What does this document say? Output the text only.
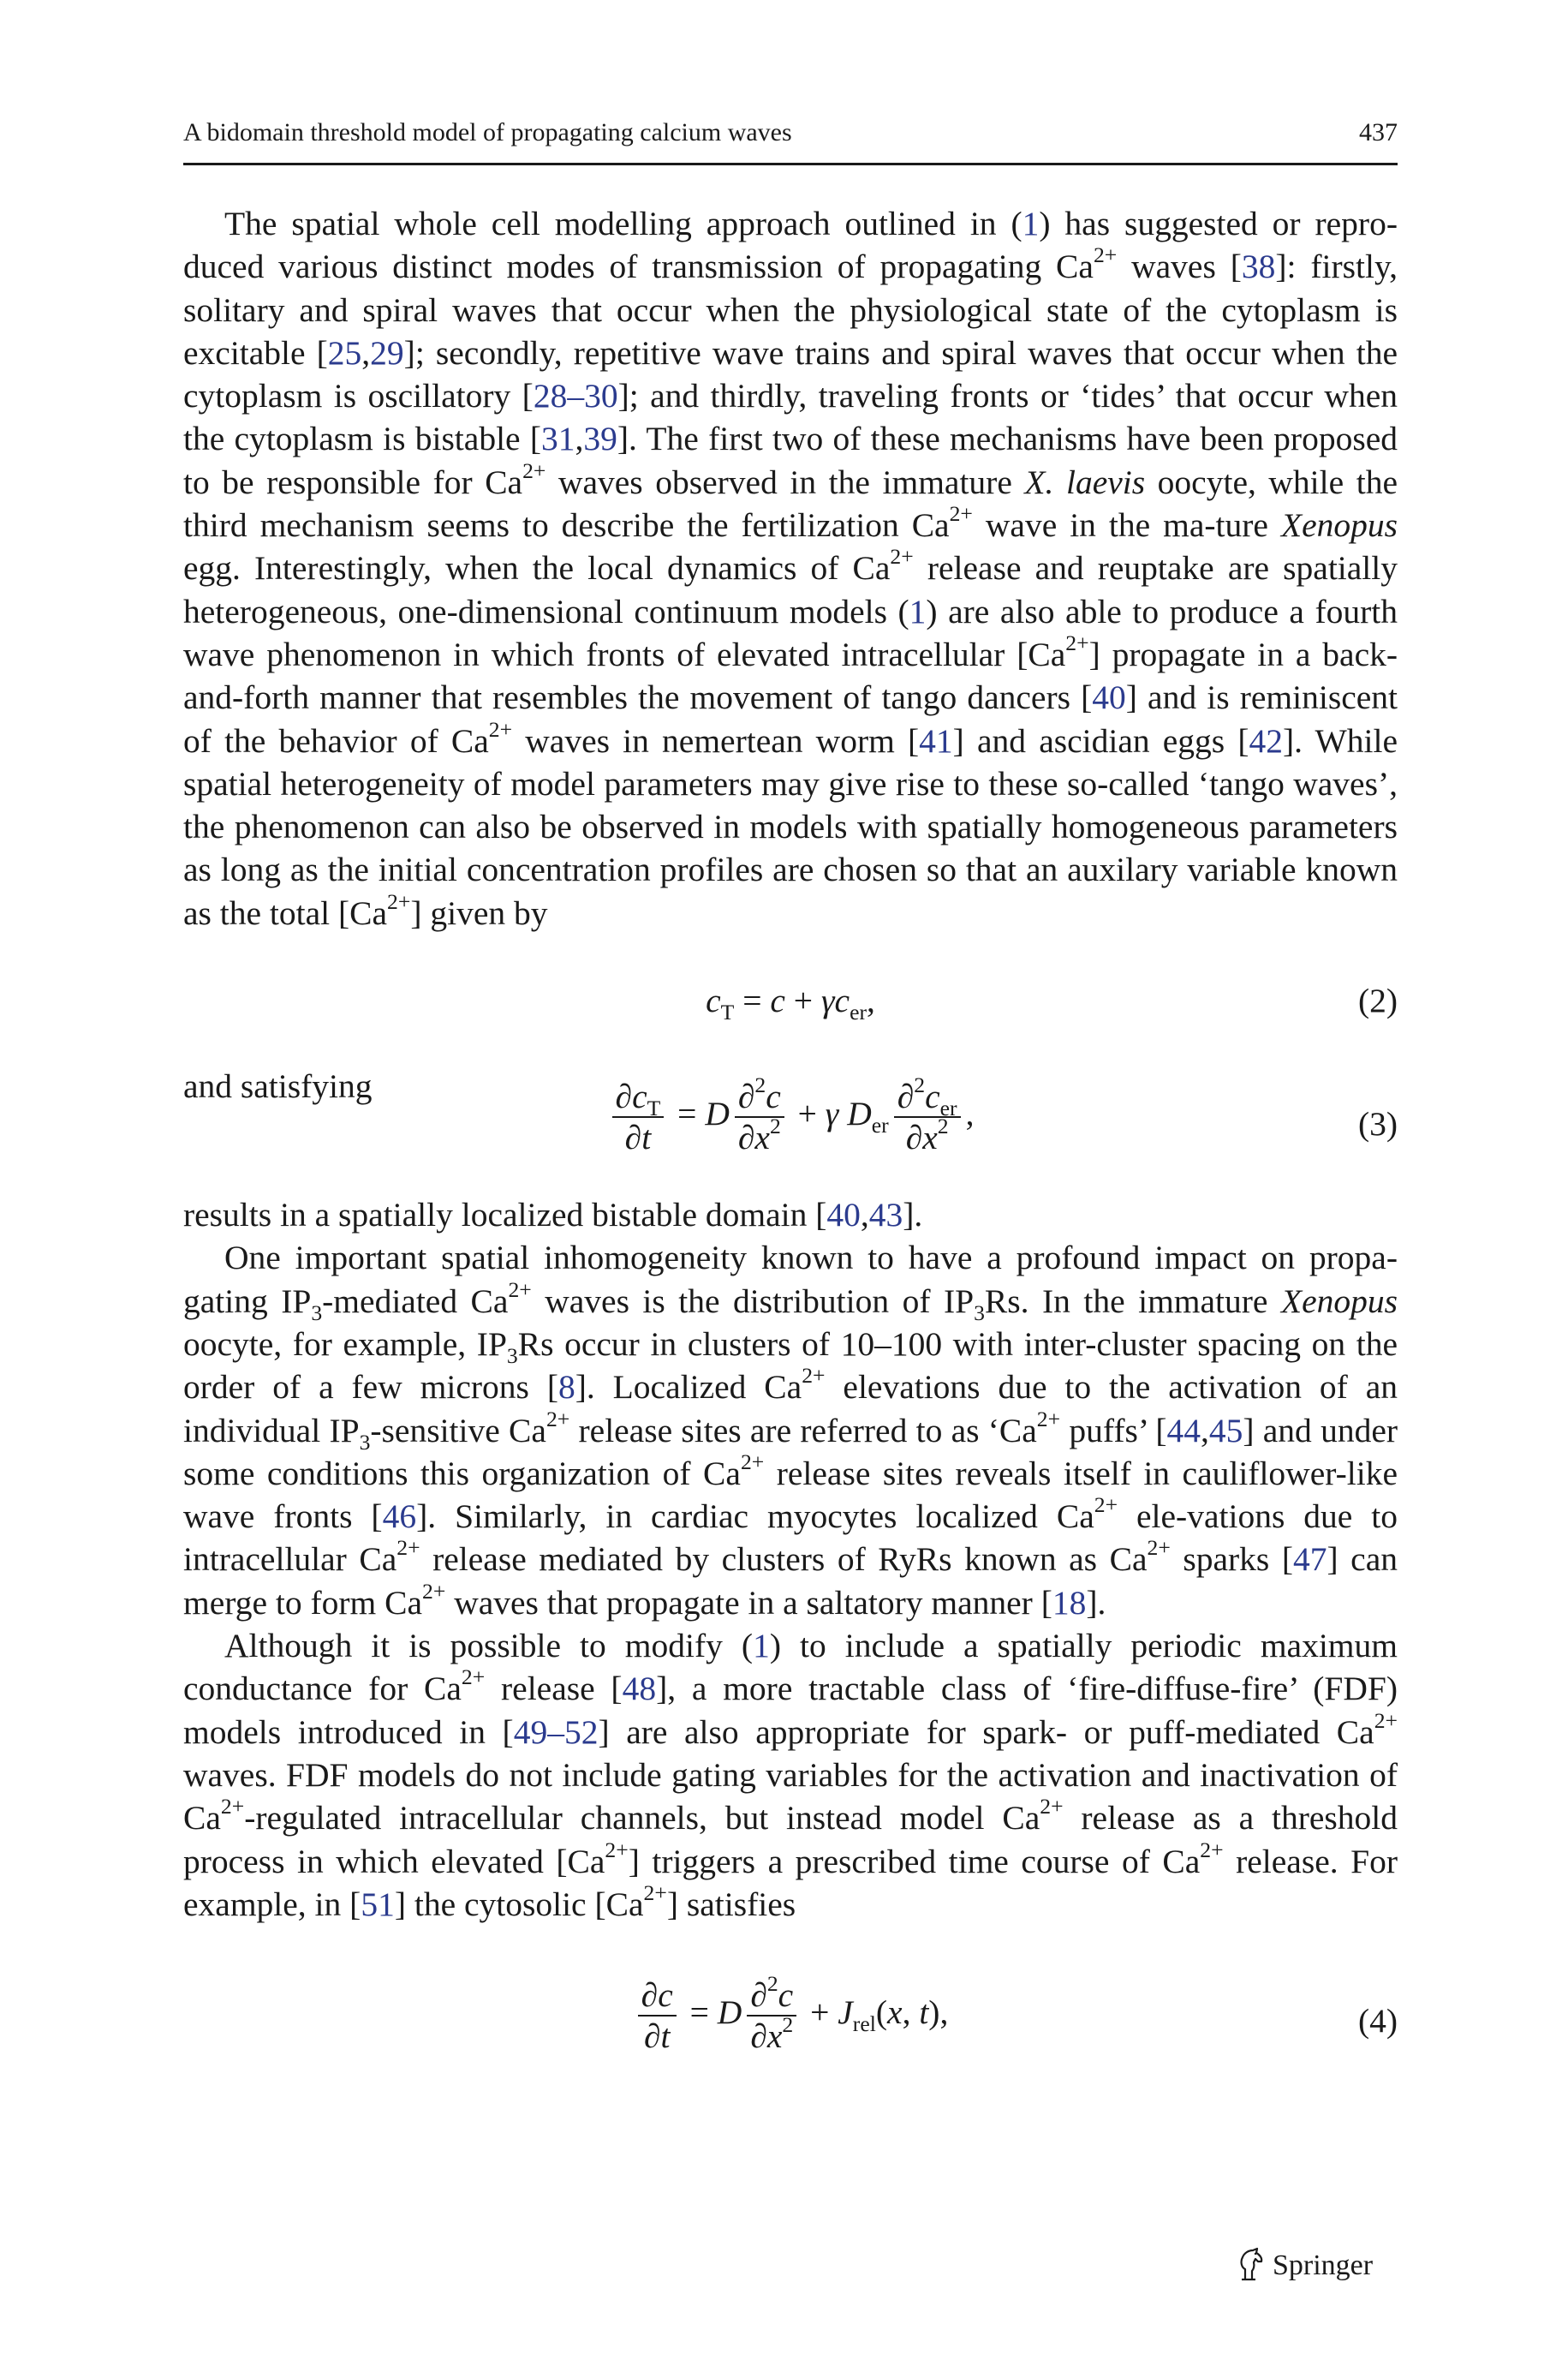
A bidomain threshold model of propagating calcium waves	437

The spatial whole cell modelling approach outlined in (1) has suggested or repro-duced various distinct modes of transmission of propagating $Ca^{2+}$ waves [38]: firstly, solitary and spiral waves that occur when the physiological state of the cytoplasm is excitable [25,29]; secondly, repetitive wave trains and spiral waves that occur when the cytoplasm is oscillatory [28–30]; and thirdly, traveling fronts or ‘tides’ that occur when the cytoplasm is bistable [31,39]. The first two of these mechanisms have been proposed to be responsible for $Ca^{2+}$ waves observed in the immature X. laevis oocyte, while the third mechanism seems to describe the fertilization $Ca^{2+}$ wave in the ma-ture Xenopus egg. Interestingly, when the local dynamics of $Ca^{2+}$ release and reuptake are spatially heterogeneous, one-dimensional continuum models (1) are also able to produce a fourth wave phenomenon in which fronts of elevated intracellular $[Ca^{2+}]$ propagate in a back-and-forth manner that resembles the movement of tango dancers [40] and is reminiscent of the behavior of $Ca^{2+}$ waves in nemertean worm [41] and ascidian eggs [42]. While spatial heterogeneity of model parameters may give rise to these so-called ‘tango waves’, the phenomenon can also be observed in models with spatially homogeneous parameters as long as the initial concentration profiles are chosen so that an auxilary variable known as the total $[Ca^{2+}]$ given by

$c_T = c + \gamma c_{er}$,	(2)
and satisfying	$\frac{\partial c_T}{\partial t} = D \frac{\partial^2c}{\partial x^2} + \gamma$ $D_{er} \frac{\partial^2c_{er}}{\partial x^2}$ ,	(3)

results in a spatially localized bistable domain [40,43].

One important spatial inhomogeneity known to have a profound impact on propa-gating $IP_3$-mediated $Ca^{2+}$ waves is the distribution of $IP_3Rs$. In the immature Xenopus oocyte, for example, $IP_3Rs$ occur in clusters of 10–100 with inter-cluster spacing on the order of a few microns [8]. Localized $Ca^{2+}$ elevations due to the activation of an individual $IP_3$-sensitive $Ca^{2+}$ release sites are referred to as ‘$Ca^{2+}$ puffs’ [44,45] and under some conditions this organization of $Ca^{2+}$ release sites reveals itself in cauliflower-like wave fronts [46]. Similarly, in cardiac myocytes localized $Ca^{2+}$ ele-vations due to intracellular $Ca^{2+}$ release mediated by clusters of RyRs known as $Ca^{2+}$ sparks [47] can merge to form $Ca^{2+}$ waves that propagate in a saltatory manner [18].

Although it is possible to modify (1) to include a spatially periodic maximum conductance for $Ca^{2+}$ release [48], a more tractable class of ‘fire-diffuse-fire’ (FDF) models introduced in [49–52] are also appropriate for spark- or puff-mediated $Ca^{2+}$ waves. FDF models do not include gating variables for the activation and inactivation of $Ca^{2+}$-regulated intracellular channels, but instead model $Ca^{2+}$ release as a threshold process in which elevated $[Ca^{2+}]$ triggers a prescribed time course of $Ca^{2+}$ release. For example, in [51] the cytosolic $[Ca^{2+}]$ satisfies

$\frac{\partial c}{\partial t} = D \frac{\partial^2c}{\partial x^2} + J_{rel}(x$, t),	(4)
Springer
